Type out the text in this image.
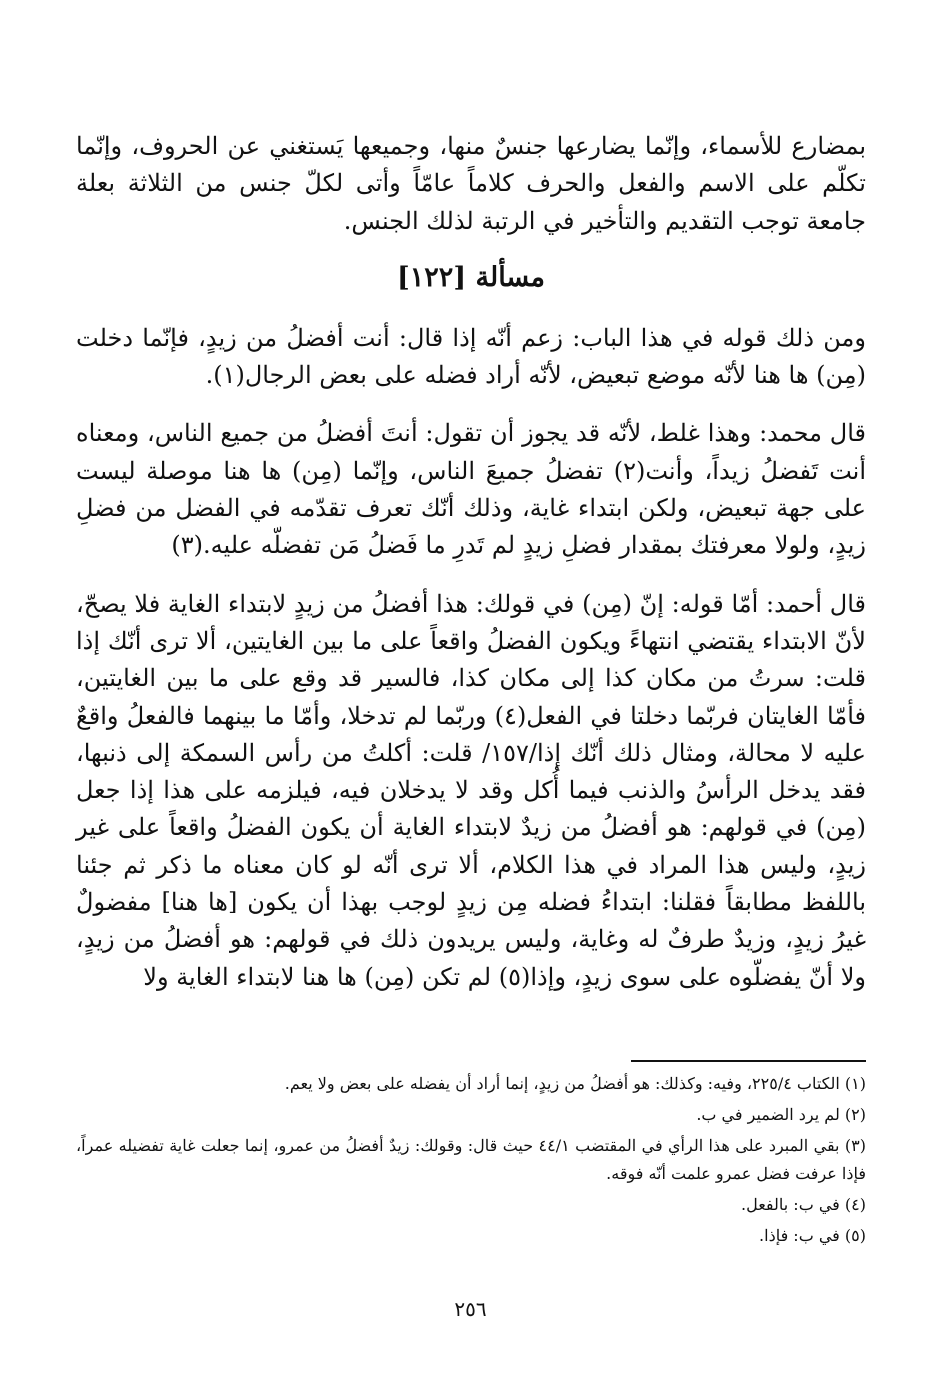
بمضارع للأسماء، وإنّما يضارعها جنسٌ منها، وجميعها يَستغني عن الحروف، وإنّما تكلّم على الاسم والفعل والحرف كلاماً عامّاً وأتى لكلّ جنس من الثلاثة بعلة جامعة توجب التقديم والتأخير في الرتبة لذلك الجنس.

مسألة [١٢٢]

ومن ذلك قوله في هذا الباب: زعم أنّه إذا قال: أنت أفضلُ من زيدٍ، فإنّما دخلت (مِن) ها هنا لأنّه موضع تبعيض، لأنّه أراد فضله على بعض الرجال(١).

قال محمد: وهذا غلط، لأنّه قد يجوز أن تقول: أنتَ أفضلُ من جميع الناس، ومعناه أنت تَفضلُ زيداً، وأنت(٢) تفضلُ جميعَ الناس، وإنّما (مِن) ها هنا موصلة ليست على جهة تبعيض، ولكن ابتداء غاية، وذلك أنّك تعرف تقدّمه في الفضل من فضلِ زيدٍ، ولولا معرفتك بمقدار فضلِ زيدٍ لم تَدرِ ما فَضلُ مَن تفضلّه عليه.(٣)

قال أحمد: أمّا قوله: إنّ (مِن) في قولك: هذا أفضلُ من زيدٍ لابتداء الغاية فلا يصحّ، لأنّ الابتداء يقتضي انتهاءً ويكون الفضلُ واقعاً على ما بين الغايتين، ألا ترى أنّك إذا قلت: سرتُ من مكان كذا إلى مكان كذا، فالسير قد وقع على ما بين الغايتين، فأمّا الغايتان فربّما دخلتا في الفعل(٤) وربّما لم تدخلا، وأمّا ما بينهما فالفعلُ واقعٌ عليه لا محالة، ومثال ذلك أنّك إذا/١٥٧/ قلت: أكلتُ من رأس السمكة إلى ذنبها، فقد يدخل الرأسُ والذنب فيما أُكل وقد لا يدخلان فيه، فيلزمه على هذا إذا جعل (مِن) في قولهم: هو أفضلُ من زيدٌ لابتداء الغاية أن يكون الفضلُ واقعاً على غير زيدٍ، وليس هذا المراد في هذا الكلام، ألا ترى أنّه لو كان معناه ما ذكر ثم جئنا باللفظ مطابقاً فقلنا: ابتداءُ فضله مِن زيدٍ لوجب بهذا أن يكون [ها هنا] مفضولٌ غيرُ زيدٍ، وزيدٌ طرفٌ له وغاية، وليس يريدون ذلك في قولهم: هو أفضلُ من زيدٍ، ولا أنّ يفضلّوه على سوى زيدٍ، وإذا(٥) لم تكن (مِن) ها هنا لابتداء الغاية ولا

(١) الكتاب ٢٢٥/٤، وفيه: وكذلك: هو أفضلُ من زيدٍ، إنما أراد أن يفضله على بعض ولا يعم.
(٢) لم يرد الضمير في ب.
(٣) بقي المبرد على هذا الرأي في المقتضب ٤٤/١ حيث قال: وقولك: زيدٌ أفضلُ من عمرو، إنما جعلت غاية تفضيله عمراً، فإذا عرفت فضل عمرو علمت أنّه فوقه.
(٤) في ب: بالفعل.
(٥) في ب: فإذا.
٢٥٦
